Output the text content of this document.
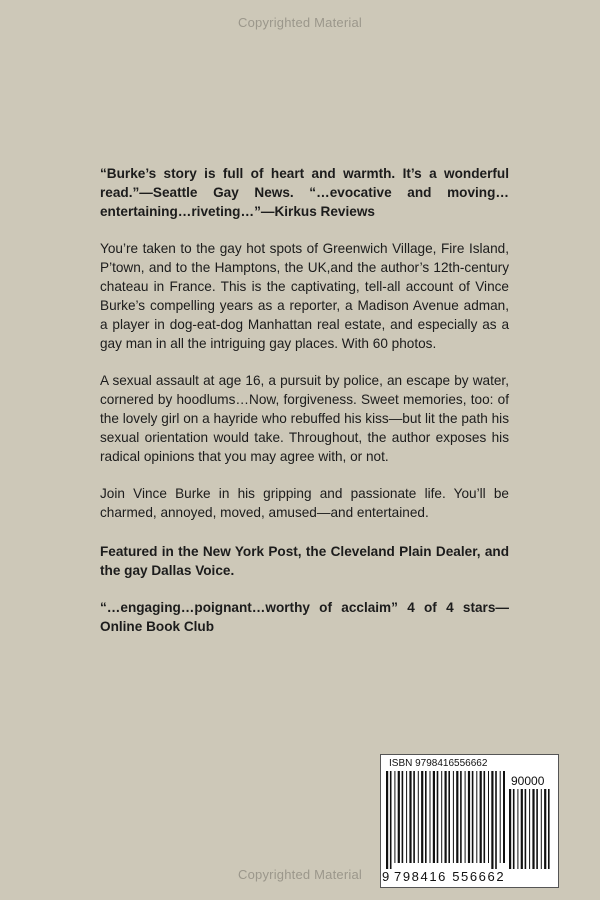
Copyrighted Material

“Burke’s story is full of heart and warmth. It’s a wonderful read.”—Seattle Gay News. “…evocative and moving…entertaining…riveting…”—Kirkus Reviews

You’re taken to the gay hot spots of Greenwich Village, Fire Island, P’town, and to the Hamptons, the UK,and the author’s 12th-century chateau in France. This is the captivating, tell-all account of Vince Burke’s compelling years as a reporter, a Madison Avenue adman, a player in dog-eat-dog Manhattan real estate, and especially as a gay man in all the intriguing gay places. With 60 photos.

A sexual assault at age 16, a pursuit by police, an escape by water, cornered by hoodlums…Now, forgiveness. Sweet memories, too: of the lovely girl on a hayride who rebuffed his kiss—but lit the path his sexual orientation would take. Throughout, the author exposes his radical opinions that you may agree with, or not.

Join Vince Burke in his gripping and passionate life. You’ll be charmed, annoyed, moved, amused—and entertained.

Featured in the New York Post, the Cleveland Plain Dealer, and the gay Dallas Voice.

“…engaging…poignant…worthy of acclaim” 4 of 4 stars—Online Book Club

ISBN 9798416556662
90000
9 798416 556662
Copyrighted Material
